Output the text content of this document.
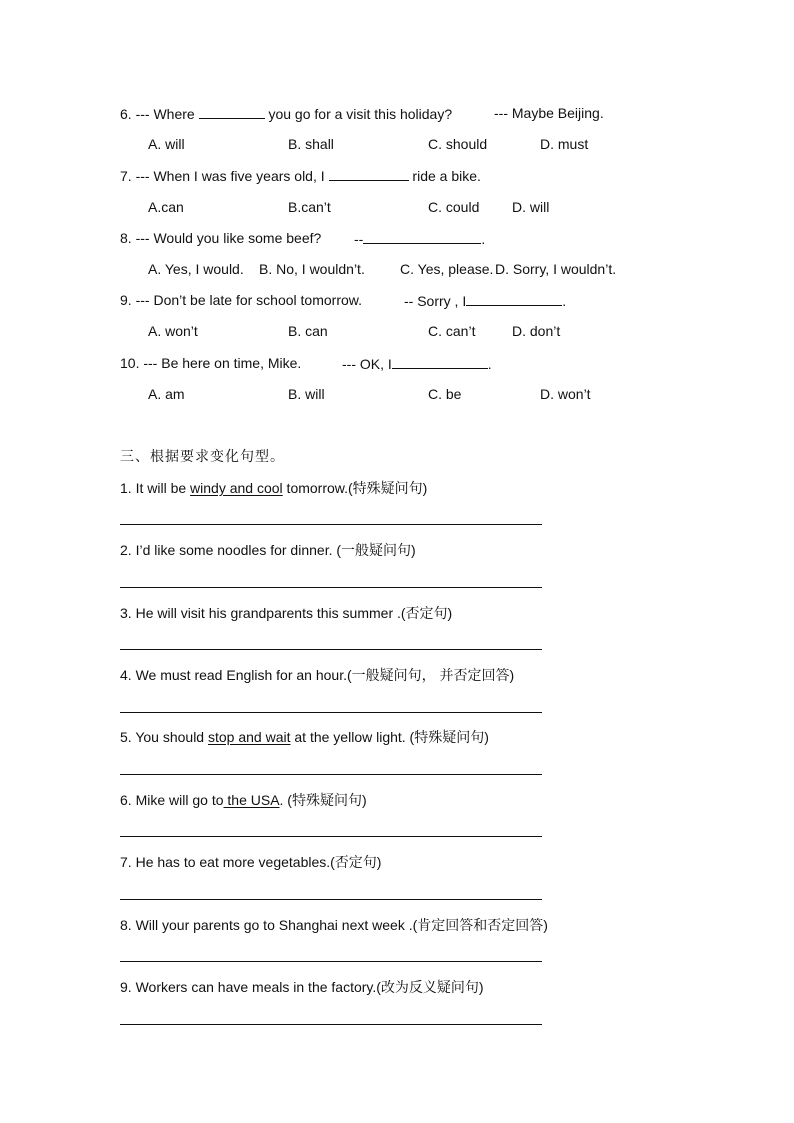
6. --- Where	you go for a visit this holiday?	--- Maybe Beijing.
A. will	B. shall	C. should	D. must
7. --- When I was five years old, I	ride a bike.
A.can	B.can’t	C. could D. will
8. --- Would you like some beef? --	.
A. Yes, I would. B. No, I wouldn’t.	C. Yes, please. D. Sorry, I wouldn’t.
9. --- Don’t be late for school tomorrow.	-- Sorry , I	.
A. won’t	B. can	C. can’t	D. don’t
10. --- Be here on time, Mike.	--- OK, I	.
A. am	B. will	C. be	D. won’t
三、根据要求变化句型。
1. It will be windy and cool tomorrow.(特殊疑问句)
2. I’d like some noodles for dinner. (一般疑问句)
3. He will visit his grandparents this summer .(否定句)
4. We must read English for an hour.(一般疑问句， 并否定回答)
5. You should stop and wait at the yellow light. (特殊疑问句)
6. Mike will go to the USA. (特殊疑问句)
7. He has to eat more vegetables.(否定句)
8. Will your parents go to Shanghai next week .(肯定回答和否定回答)
9. Workers can have meals in the factory.(改为反义疑问句)
